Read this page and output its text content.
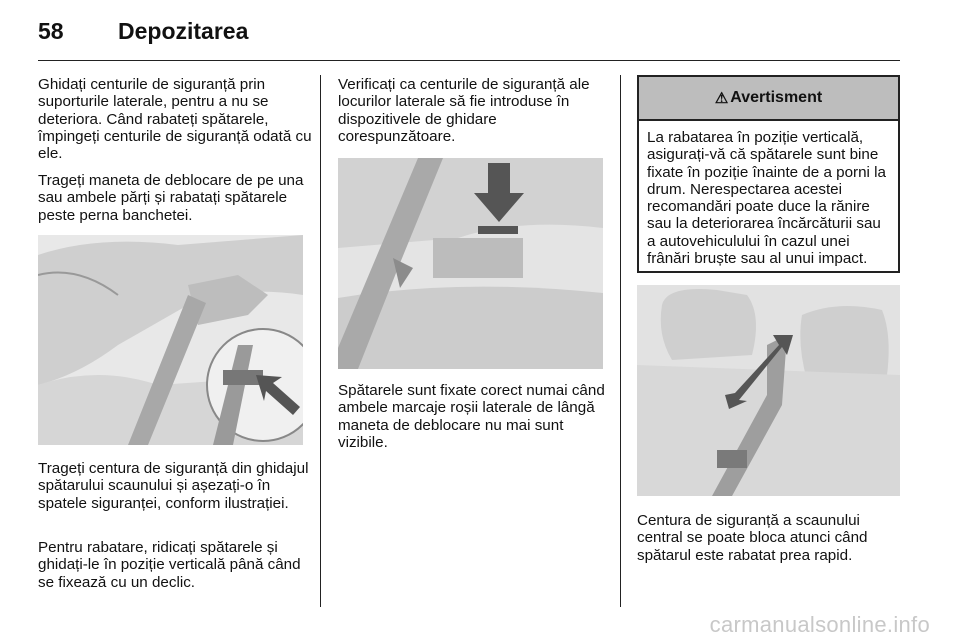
58	Depozitarea

Ghidați centurile de siguranță prin suporturile laterale, pentru a nu se deteriora. Când rabateți spătarele, împingeți centurile de siguranță odată cu ele.

Trageți maneta de deblocare de pe una sau ambele părți și rabatați spătarele peste perna banchetei.

Trageți centura de siguranță din ghidajul spătarului scaunului și așezați-o în spatele siguranței, conform ilustrației.

Pentru rabatare, ridicați spătarele și ghidați-le în poziție verticală până când se fixează cu un declic.

Verificați ca centurile de siguranță ale locurilor laterale să fie introduse în dispozitivele de ghidare corespunzătoare.

Spătarele sunt fixate corect numai când ambele marcaje roșii laterale de lângă maneta de deblocare nu mai sunt vizibile.

⚠ Avertisment
La rabatarea în poziție verticală, asigurați-vă că spătarele sunt bine fixate în poziție înainte de a porni la drum. Nerespectarea acestei recomandări poate duce la rănire sau la deteriorarea încărcăturii sau a autovehiculului în cazul unei frânări bruște sau al unui impact.

Centura de siguranță a scaunului central se poate bloca atunci când spătarul este rabatat prea rapid.

carmanualsonline.info
